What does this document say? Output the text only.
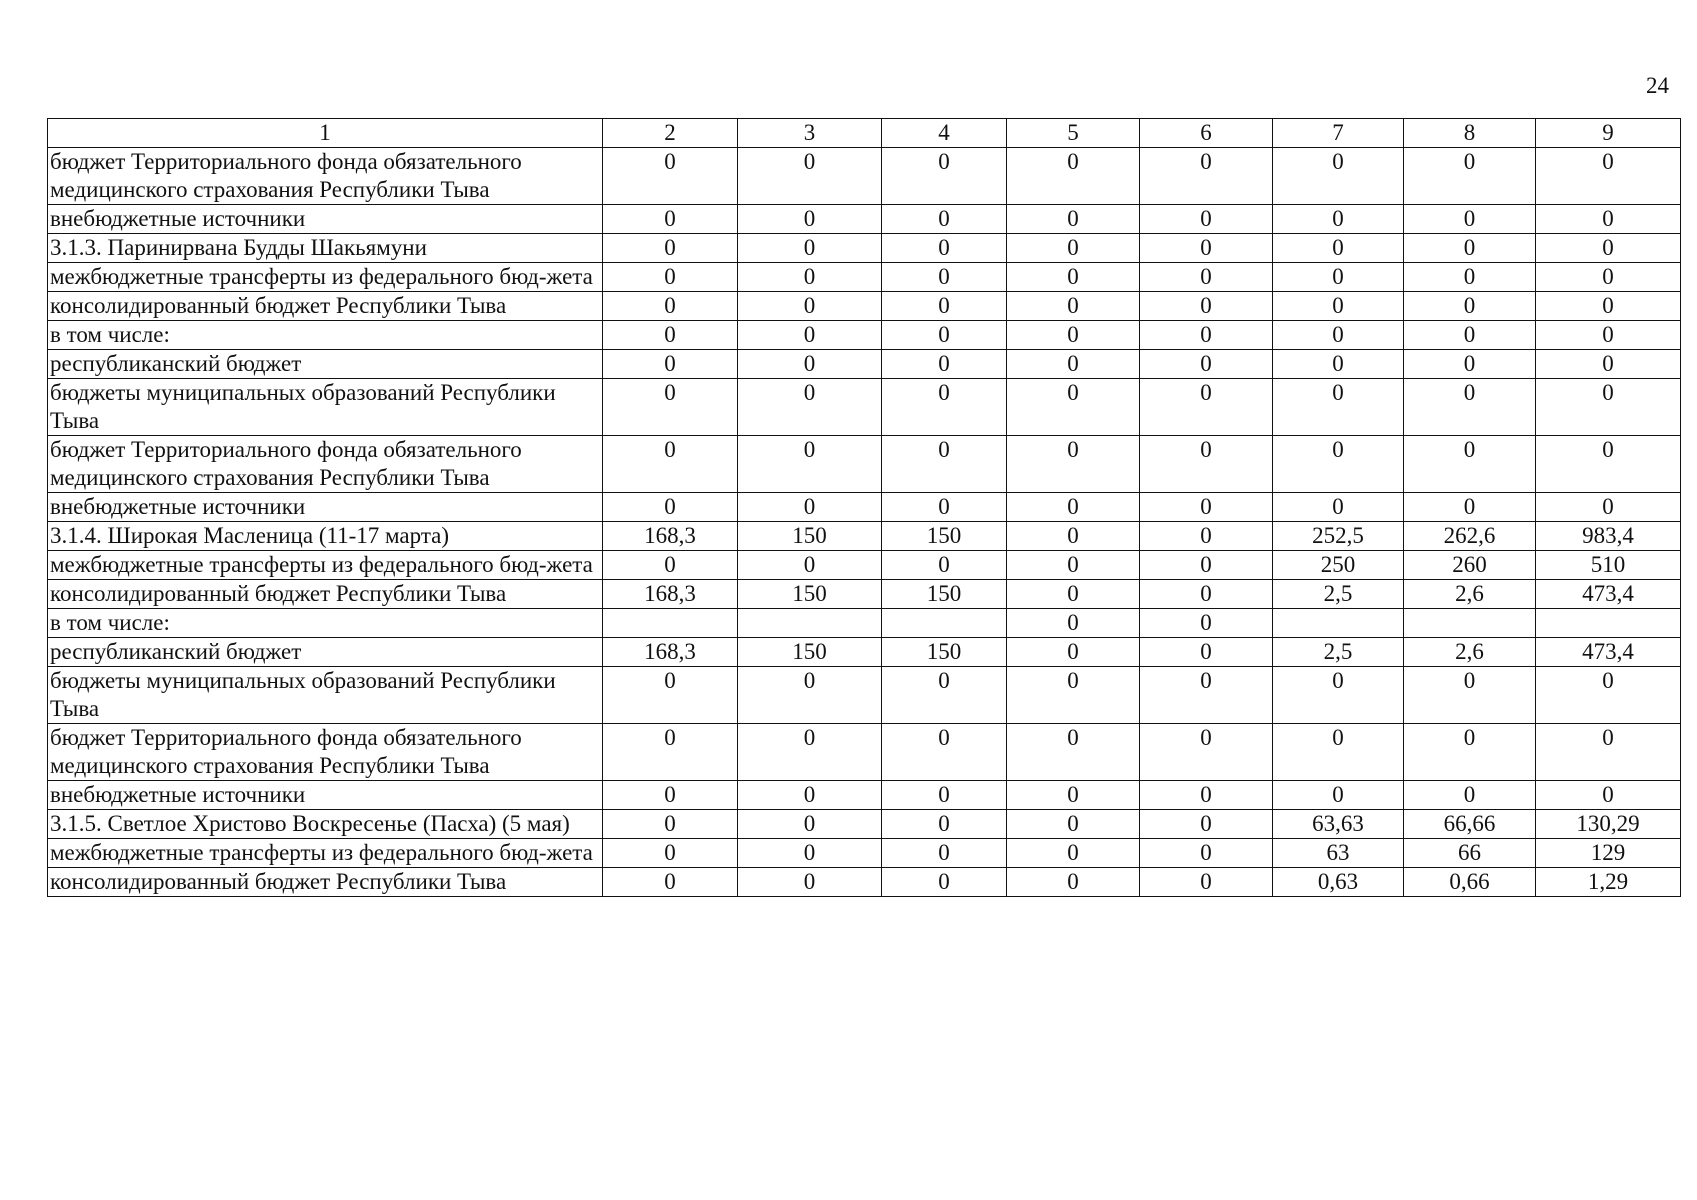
24
1	2	3	4	5	6	7	8	9
бюджет Территориального фонда обязательного медицинского страхования Республики Тыва	0	0	0	0	0	0	0	0
внебюджетные источники	0	0	0	0	0	0	0	0
3.1.3. Паринирвана Будды Шакьямуни	0	0	0	0	0	0	0	0
межбюджетные трансферты из федерального бюд-жета	0	0	0	0	0	0	0	0
консолидированный бюджет Республики Тыва	0	0	0	0	0	0	0	0
в том числе:	0	0	0	0	0	0	0	0
республиканский бюджет	0	0	0	0	0	0	0	0
бюджеты муниципальных образований Республики Тыва	0	0	0	0	0	0	0	0
бюджет Территориального фонда обязательного медицинского страхования Республики Тыва	0	0	0	0	0	0	0	0
внебюджетные источники	0	0	0	0	0	0	0	0
3.1.4. Широкая Масленица (11-17 марта)	168,3	150	150	0	0	252,5	262,6	983,4
межбюджетные трансферты из федерального бюд-жета	0	0	0	0	0	250	260	510
консолидированный бюджет Республики Тыва	168,3	150	150	0	0	2,5	2,6	473,4
в том числе:				0	0			
республиканский бюджет	168,3	150	150	0	0	2,5	2,6	473,4
бюджеты муниципальных образований Республики Тыва	0	0	0	0	0	0	0	0
бюджет Территориального фонда обязательного медицинского страхования Республики Тыва	0	0	0	0	0	0	0	0
внебюджетные источники	0	0	0	0	0	0	0	0
3.1.5. Светлое Христово Воскресенье (Пасха) (5 мая)	0	0	0	0	0	63,63	66,66	130,29
межбюджетные трансферты из федерального бюд-жета	0	0	0	0	0	63	66	129
консолидированный бюджет Республики Тыва	0	0	0	0	0	0,63	0,66	1,29
